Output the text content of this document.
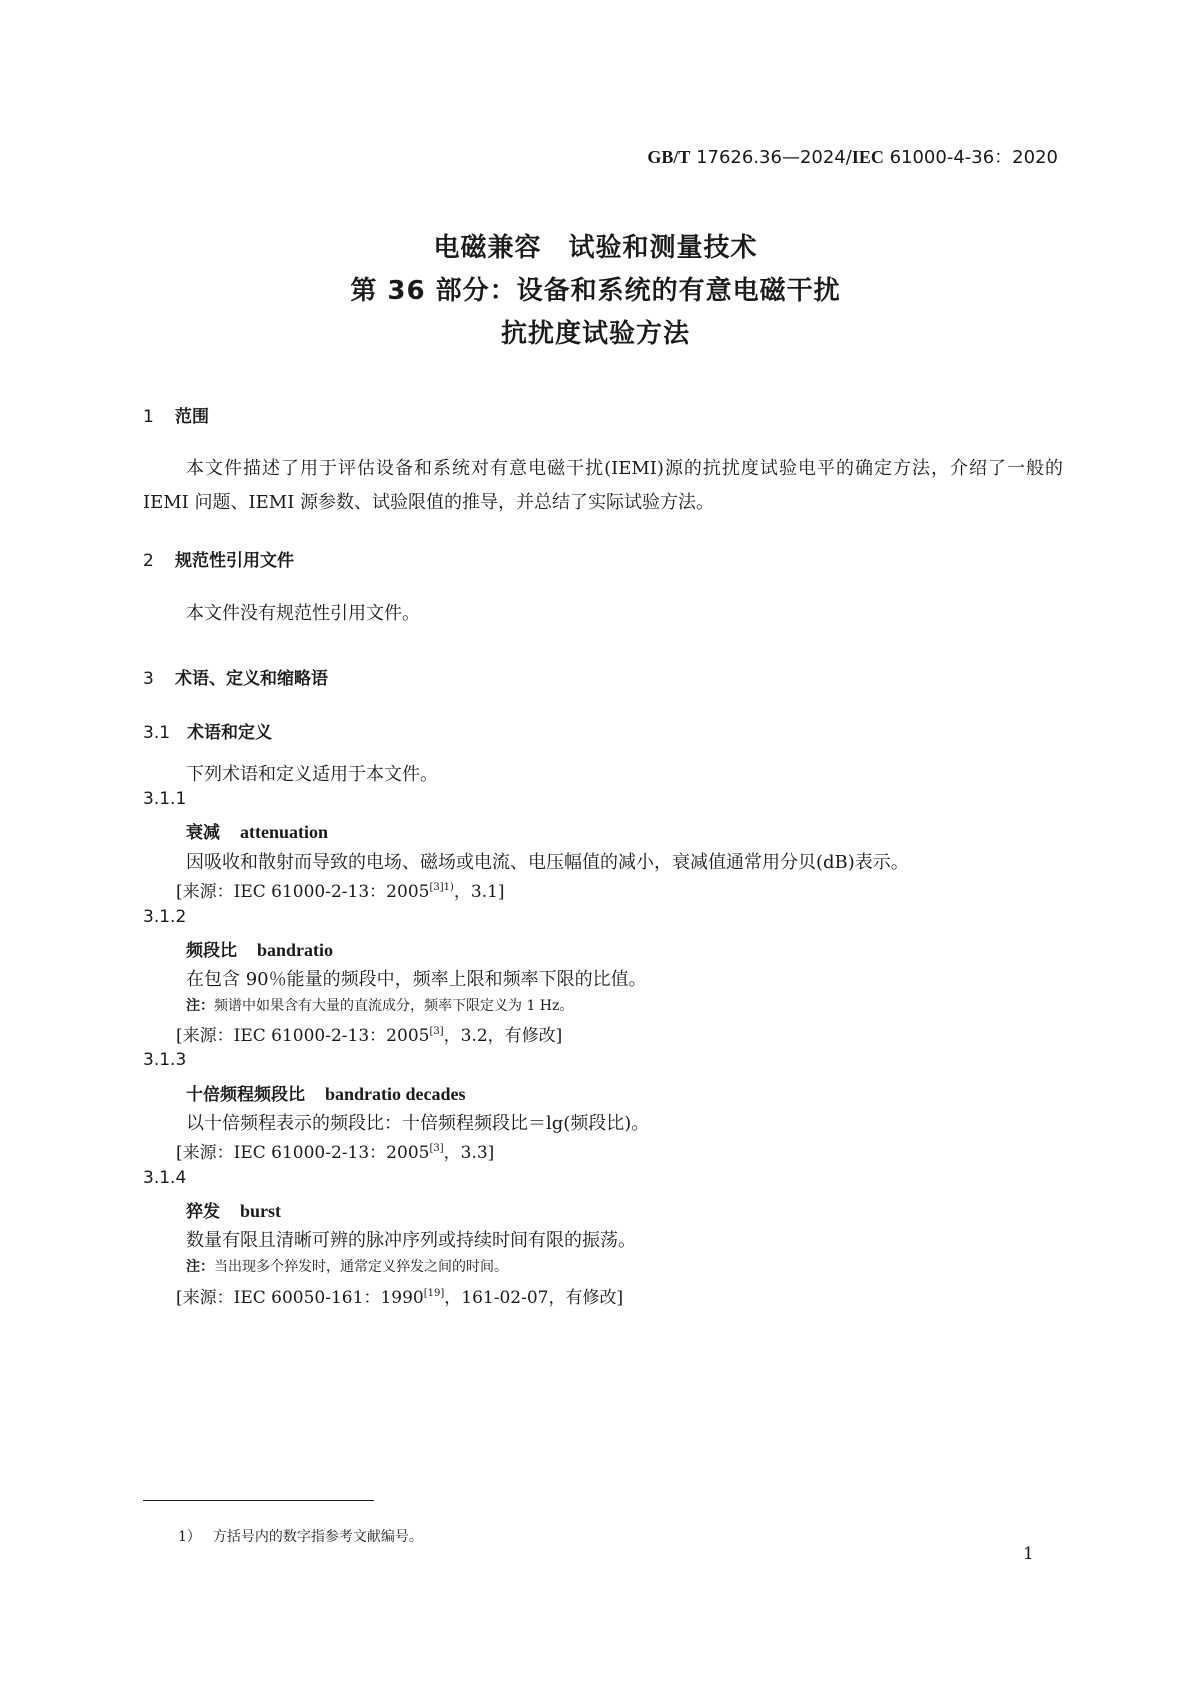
GB/T 17626.36—2024/IEC 61000-4-36：2020
电磁兼容　试验和测量技术
第 36 部分：设备和系统的有意电磁干扰
抗扰度试验方法
1 范围
本文件描述了用于评估设备和系统对有意电磁干扰(IEMI)源的抗扰度试验电平的确定方法，介绍了一般的 IEMI 问题、IEMI 源参数、试验限值的推导，并总结了实际试验方法。
2 规范性引用文件
本文件没有规范性引用文件。
3 术语、定义和缩略语
3.1 术语和定义
下列术语和定义适用于本文件。
3.1.1
衰减 attenuation
因吸收和散射而导致的电场、磁场或电流、电压幅值的减小，衰减值通常用分贝(dB)表示。
[来源：IEC 61000-2-13：$2005^{[3]1)}$，3.1]
3.1.2
频段比 bandratio
在包含 90％能量的频段中，频率上限和频率下限的比值。
注：频谱中如果含有大量的直流成分，频率下限定义为 1 Hz。
[来源：IEC 61000-2-13：2005[3]，3.2，有修改]
3.1.3
十倍频程频段比 bandratio decades
以十倍频程表示的频段比：十倍频程频段比＝lg(频段比)。
[来源：IEC 61000-2-13：2005[3]，3.3]
3.1.4
猝发 burst
数量有限且清晰可辨的脉冲序列或持续时间有限的振荡。
注：当出现多个猝发时，通常定义猝发之间的时间。
[来源：IEC 60050-161：1990[19]，161-02-07，有修改]
1） 方括号内的数字指参考文献编号。
1
